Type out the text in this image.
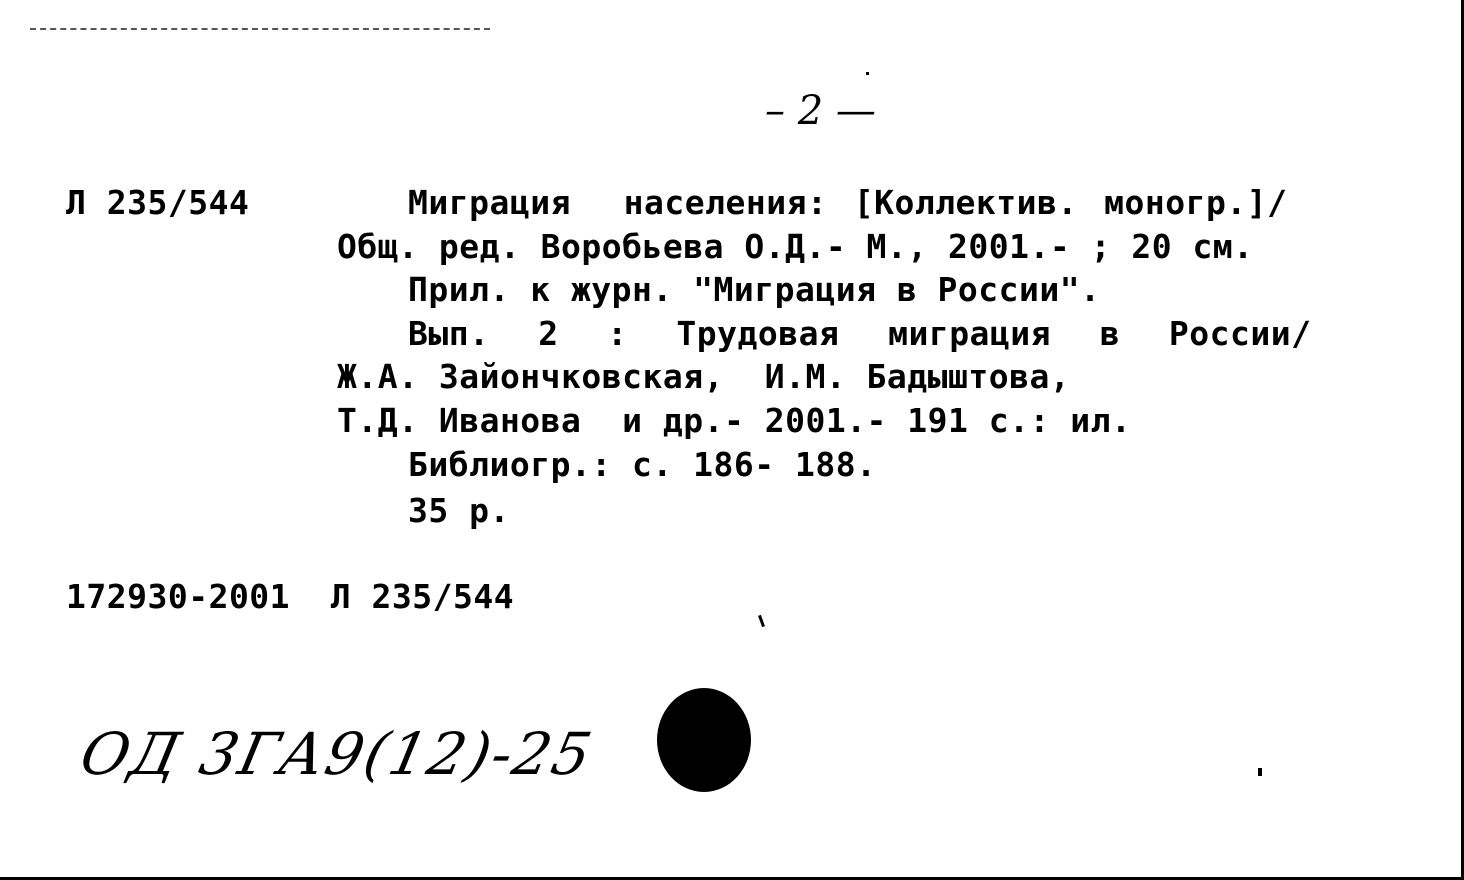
– 2 —
Л 235/544	Миграция  населения: [Коллектив. моногр.]/
Общ. ред. Воробьева О.Д.- М., 2001.- ; 20 см.
Прил. к журн. "Миграция в России".
Вып.  2  :  Трудовая  миграция  в  России/
Ж.А. Зайончковская,  И.М. Бадыштова,
Т.Д. Иванова  и др.- 2001.- 191 с.: ил.
Библиогр.: с. 186- 188.
35 р.
172930-2001  Л 235/544
ОД 3ГА9(12)-25
